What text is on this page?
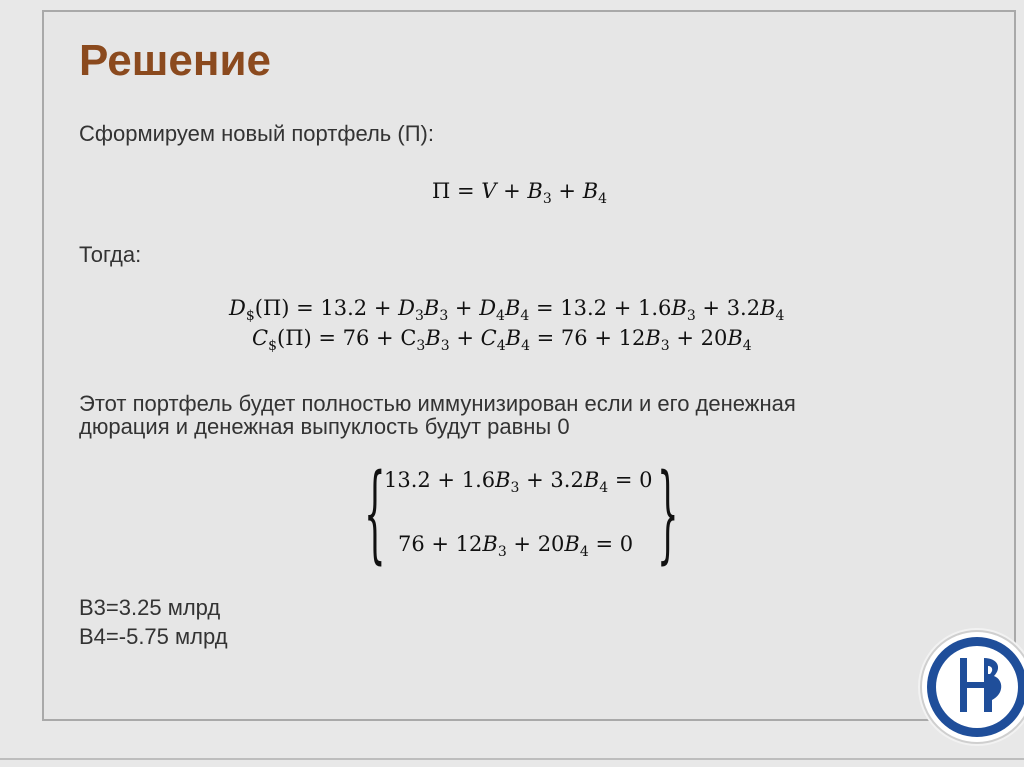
Решение

Сформируем новый портфель (П):

$П = V + B_3 + B_4$

Тогда:

$D_{\$}(П) = 13.2 + D_3B_3 + D_4B_4 = 13.2 + 1.6B_3 + 3.2B_4$
$C_{\$}(П) = 76 + C_3B_3 + C_4B_4 = 76 + 12B_3 + 20B_4$

Этот портфель будет полностью иммунизирован если и его денежная

дюрация и денежная выпуклость будут равны 0

{	}
$13.2 + 1.6B_3 + 3.2B_4 = 0$
$76 + 12B_3 + 20B_4 = 0$

B3=3.25 млрд

B4=-5.75 млрд
